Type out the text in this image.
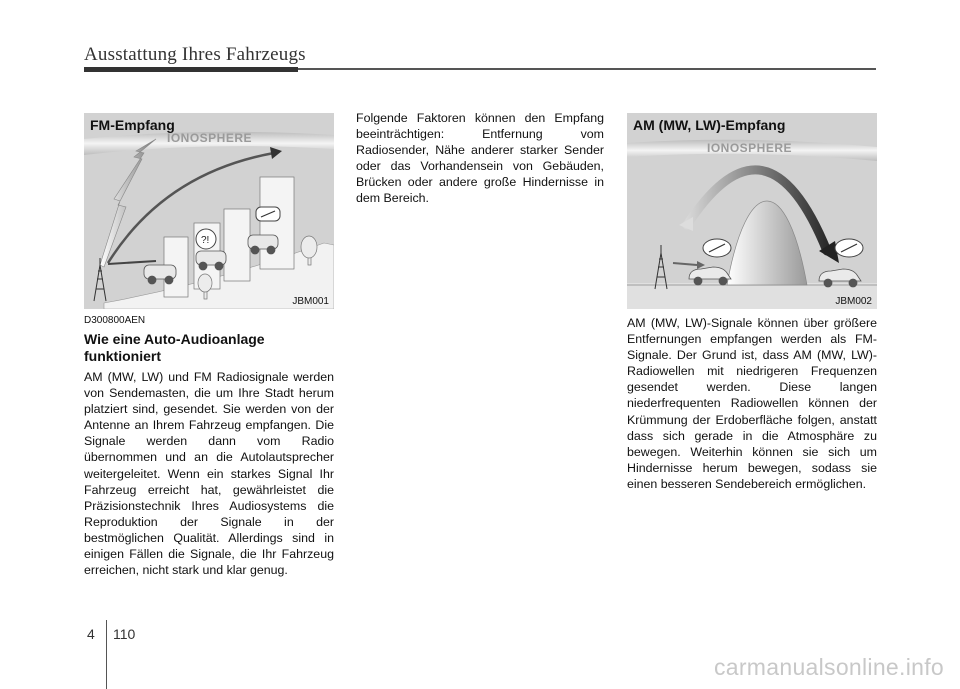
Ausstattung Ihres Fahrzeugs
?!
FM-Empfang
IONOSPHERE
JBM001
AM (MW, LW)-Empfang
IONOSPHERE
JBM002
D300800AEN
Wie eine Auto-Audioanlage funktioniert
AM (MW, LW) und FM Radiosignale werden von Sendemasten, die um Ihre Stadt herum platziert sind, gesendet. Sie werden von der Antenne an Ihrem Fahrzeug empfangen. Die Signale werden dann vom Radio übernommen und an die Autolautsprecher weitergeleitet. Wenn ein starkes Signal Ihr Fahrzeug erreicht hat, gewährleistet die Präzisionstechnik Ihres Audiosystems die Reproduktion der Signale in der bestmöglichen Qualität. Allerdings sind in einigen Fällen die Signale, die Ihr Fahrzeug erreichen, nicht stark und klar genug.
Folgende Faktoren können den Empfang beeinträchtigen: Entfernung vom Radiosender, Nähe anderer starker Sender oder das Vorhandensein von Gebäuden, Brücken oder andere große Hindernisse in dem Bereich.
AM (MW, LW)-Signale können über größere Entfernungen empfangen werden als FM-Signale. Der Grund ist, dass AM (MW, LW)-Radiowellen mit niedrigeren Frequenzen gesendet werden. Diese langen niederfrequenten Radiowellen können der Krümmung der Erdoberfläche folgen, anstatt dass sich gerade in die Atmosphäre zu bewegen. Weiterhin können sie sich um Hindernisse herum bewegen, sodass sie einen besseren Sendebereich ermöglichen.
4 110
carmanualsonline.info
